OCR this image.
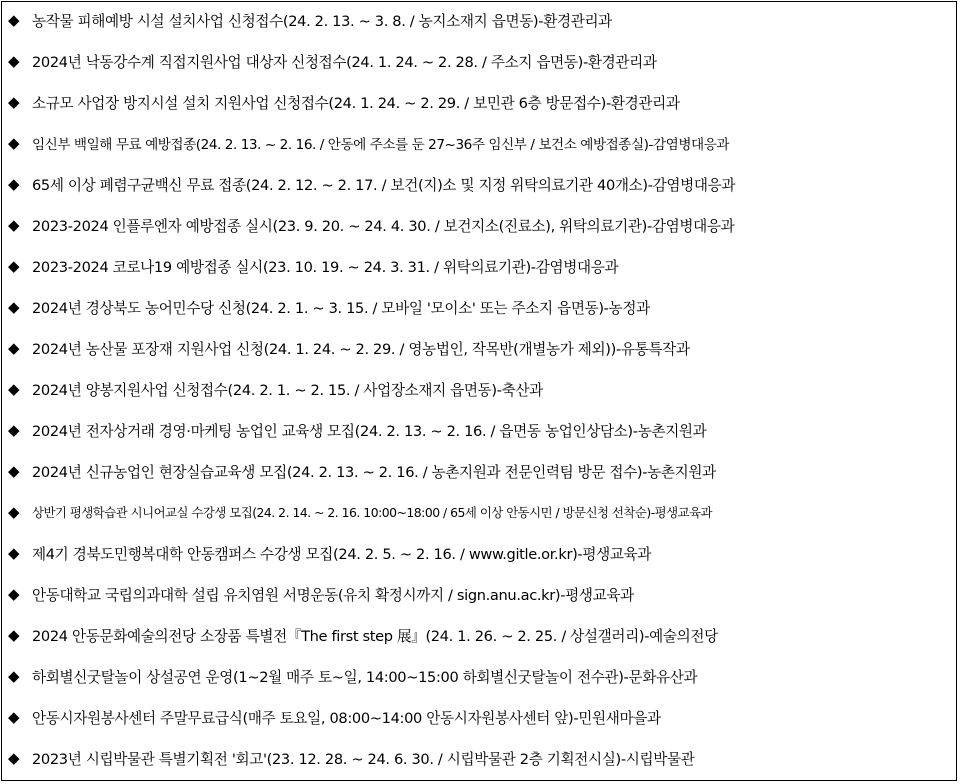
◆ 농작물 피해예방 시설 설치사업 신청접수(24. 2. 13. ~ 3. 8. / 농지소재지 읍면동)-환경관리과
◆ 2024년 낙동강수계 직접지원사업 대상자 신청접수(24. 1. 24. ~ 2. 28. / 주소지 읍면동)-환경관리과
◆ 소규모 사업장 방지시설 설치 지원사업 신청접수(24. 1. 24. ~ 2. 29. / 보민관 6층 방문접수)-환경관리과
◆ 임신부 백일해 무료 예방접종(24. 2. 13. ~ 2. 16. / 안동에 주소를 둔 27~36주 임신부 / 보건소 예방접종실)-감염병대응과
◆ 65세 이상 폐렴구균백신 무료 접종(24. 2. 12. ~ 2. 17. / 보건(지)소 및 지정 위탁의료기관 40개소)-감염병대응과
◆ 2023-2024 인플루엔자 예방접종 실시(23. 9. 20. ~ 24. 4. 30. / 보건지소(진료소), 위탁의료기관)-감염병대응과
◆ 2023-2024 코로나19 예방접종 실시(23. 10. 19. ~ 24. 3. 31. / 위탁의료기관)-감염병대응과
◆ 2024년 경상북도 농어민수당 신청(24. 2. 1. ~ 3. 15. / 모바일 '모이소' 또는 주소지 읍면동)-농정과
◆ 2024년 농산물 포장재 지원사업 신청(24. 1. 24. ~ 2. 29. / 영농법인, 작목반(개별농가 제외))-유통특작과
◆ 2024년 양봉지원사업 신청접수(24. 2. 1. ~ 2. 15. / 사업장소재지 읍면동)-축산과
◆ 2024년 전자상거래 경영·마케팅 농업인 교육생 모집(24. 2. 13. ~ 2. 16. / 읍면동 농업인상담소)-농촌지원과
◆ 2024년 신규농업인 현장실습교육생 모집(24. 2. 13. ~ 2. 16. / 농촌지원과 전문인력팀 방문 접수)-농촌지원과
◆	상반기 평생학습관 시니어교실 수강생 모집(24. 2. 14. ~ 2. 16. 10:00~18:00 / 65세 이상 안동시민 / 방문신청 선착순)-평생교육과
◆ 제4기 경북도민행복대학 안동캠퍼스 수강생 모집(24. 2. 5. ~ 2. 16. / www.gitle.or.kr)-평생교육과
◆ 안동대학교 국립의과대학 설립 유치염원 서명운동(유치 확정시까지 / sign.anu.ac.kr)-평생교육과
◆ 2024 안동문화예술의전당 소장품 특별전『The first step 展』(24. 1. 26. ~ 2. 25. / 상설갤러리)-예술의전당
◆ 하회별신굿탈놀이 상설공연 운영(1~2월 매주 토~일, 14:00~15:00 하회별신굿탈놀이 전수관)-문화유산과
◆ 안동시자원봉사센터 주말무료급식(매주 토요일, 08:00~14:00 안동시자원봉사센터 앞)-민원새마을과
◆ 2023년 시립박물관 특별기획전 '회고'(23. 12. 28. ~ 24. 6. 30. / 시립박물관 2층 기획전시실)-시립박물관
